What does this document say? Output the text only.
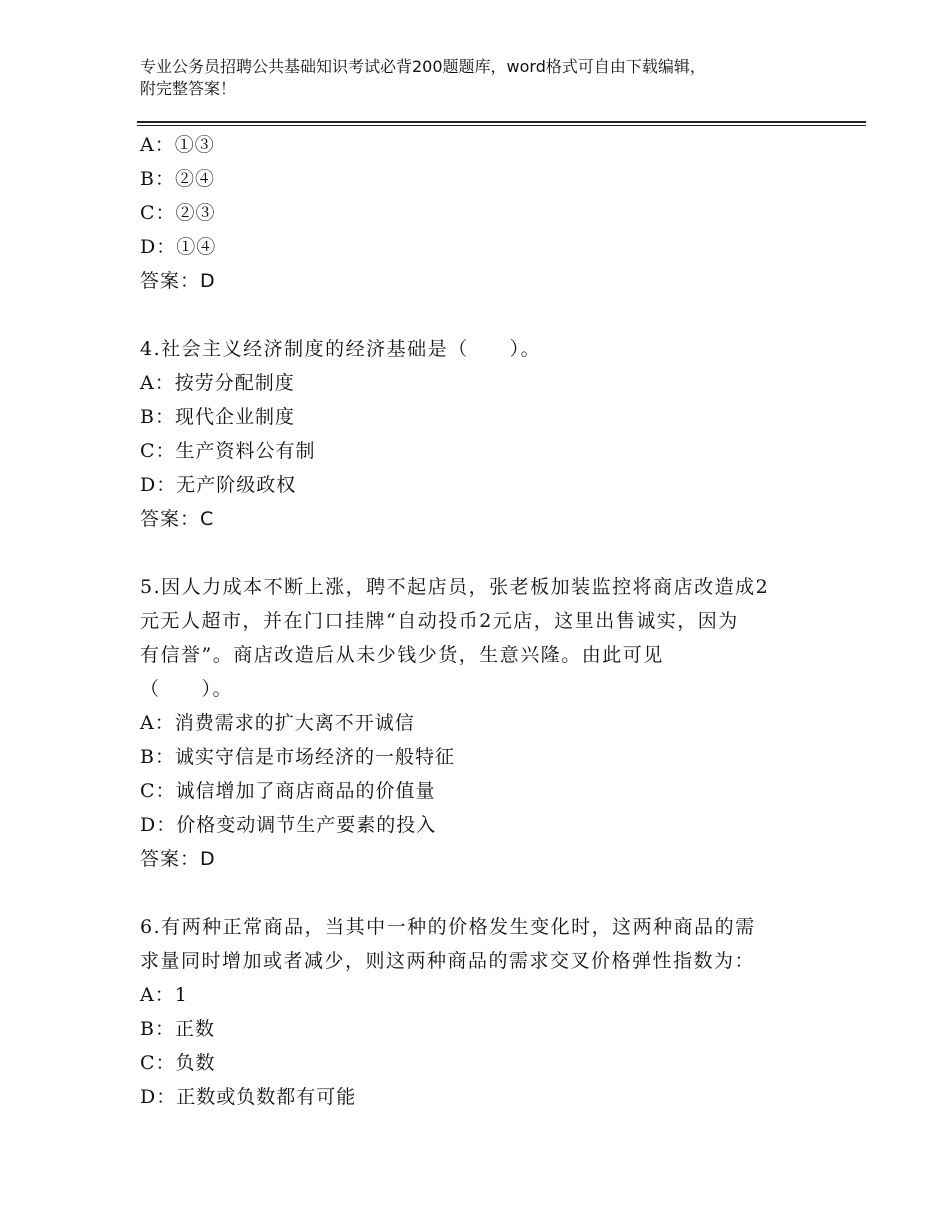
专业公务员招聘公共基础知识考试必背200题题库，word格式可自由下载编辑，
附完整答案！
A：①③
B：②④
C：②③
D：①④
答案：D
4.社会主义经济制度的经济基础是（　　）。
A：按劳分配制度
B：现代企业制度
C：生产资料公有制
D：无产阶级政权
答案：C
5.因人力成本不断上涨，聘不起店员，张老板加装监控将商店改造成2
元无人超市，并在门口挂牌“自动投币2元店，这里出售诚实，因为
有信誉”。商店改造后从未少钱少货，生意兴隆。由此可见
（　　）。
A：消费需求的扩大离不开诚信
B：诚实守信是市场经济的一般特征
C：诚信增加了商店商品的价值量
D：价格变动调节生产要素的投入
答案：D
6.有两种正常商品，当其中一种的价格发生变化时，这两种商品的需
求量同时增加或者减少，则这两种商品的需求交叉价格弹性指数为：
A：1
B：正数
C：负数
D：正数或负数都有可能
